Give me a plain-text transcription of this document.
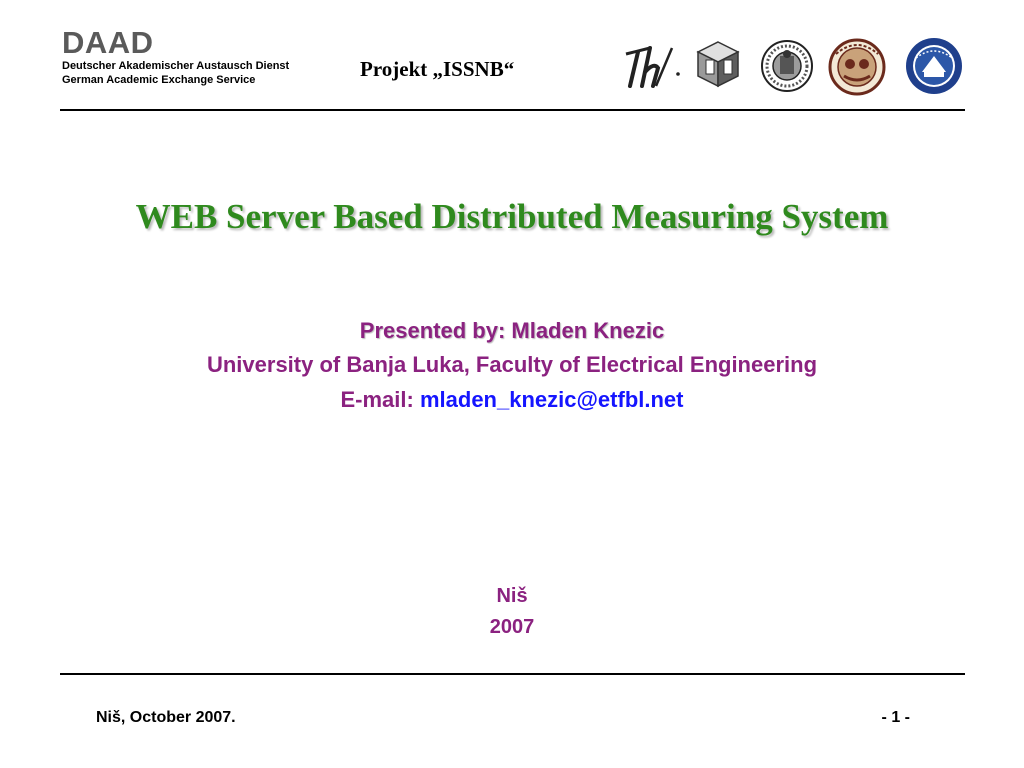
DAAD
Deutscher Akademischer Austausch Dienst
German Academic Exchange Service	Projekt „ISSNB“
WEB Server Based Distributed Measuring System
Presented by: Mladen Knezic
University of Banja Luka, Faculty of Electrical Engineering
E-mail: mladen_knezic@etfbl.net
Niš
2007
Niš, October 2007.	- 1 -
